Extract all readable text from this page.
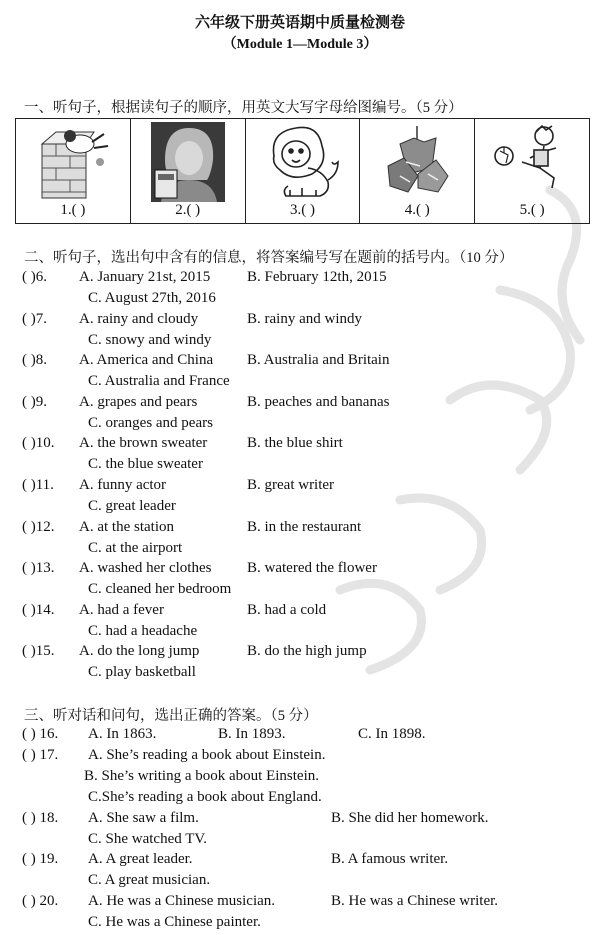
六年级下册英语期中质量检测卷
（Module 1—Module 3）
一、听句子，根据读句子的顺序，用英文大写字母给图编号。（5 分）
1.( )	2.( )	3.( )	4.( )	5.( )
二、听句子，选出句中含有的信息，将答案编号写在题前的括号内。（10 分）
( )6. A. January 21st, 2015 B. February 12th, 2015
C. August 27th, 2016
( )7. A. rainy and cloudy	B. rainy and windy
C. snowy and windy
( )8. A. America and China B. Australia and Britain
C. Australia and France
( )9. A. grapes and pears	B. peaches and bananas
C. oranges and pears
( )10. A. the brown sweater	B. the blue shirt
C. the blue sweater
( )11. A. funny actor	B. great writer
C. great leader
( )12. A. at the station	B. in the restaurant
C. at the airport
( )13. A. washed her clothes B. watered the flower
C. cleaned her bedroom
( )14. A. had a fever	B. had a cold
C. had a headache
( )15. A. do the long jump	B. do the high jump
C. play basketball
三、听对话和问句，选出正确的答案。（5 分）
( ) 16. A. In 1863.	B. In 1893.	C. In 1898.
( ) 17. A. She’s reading a book about Einstein.
B. She’s writing a book about Einstein.
C.She’s reading a book about England.
( ) 18. A. She saw a film.	B. She did her homework.
C. She watched TV.
( ) 19. A. A great leader.	B. A famous writer.
C. A great musician.
( ) 20. A. He was a Chinese musician.	B. He was a Chinese writer.
C. He was a Chinese painter.
